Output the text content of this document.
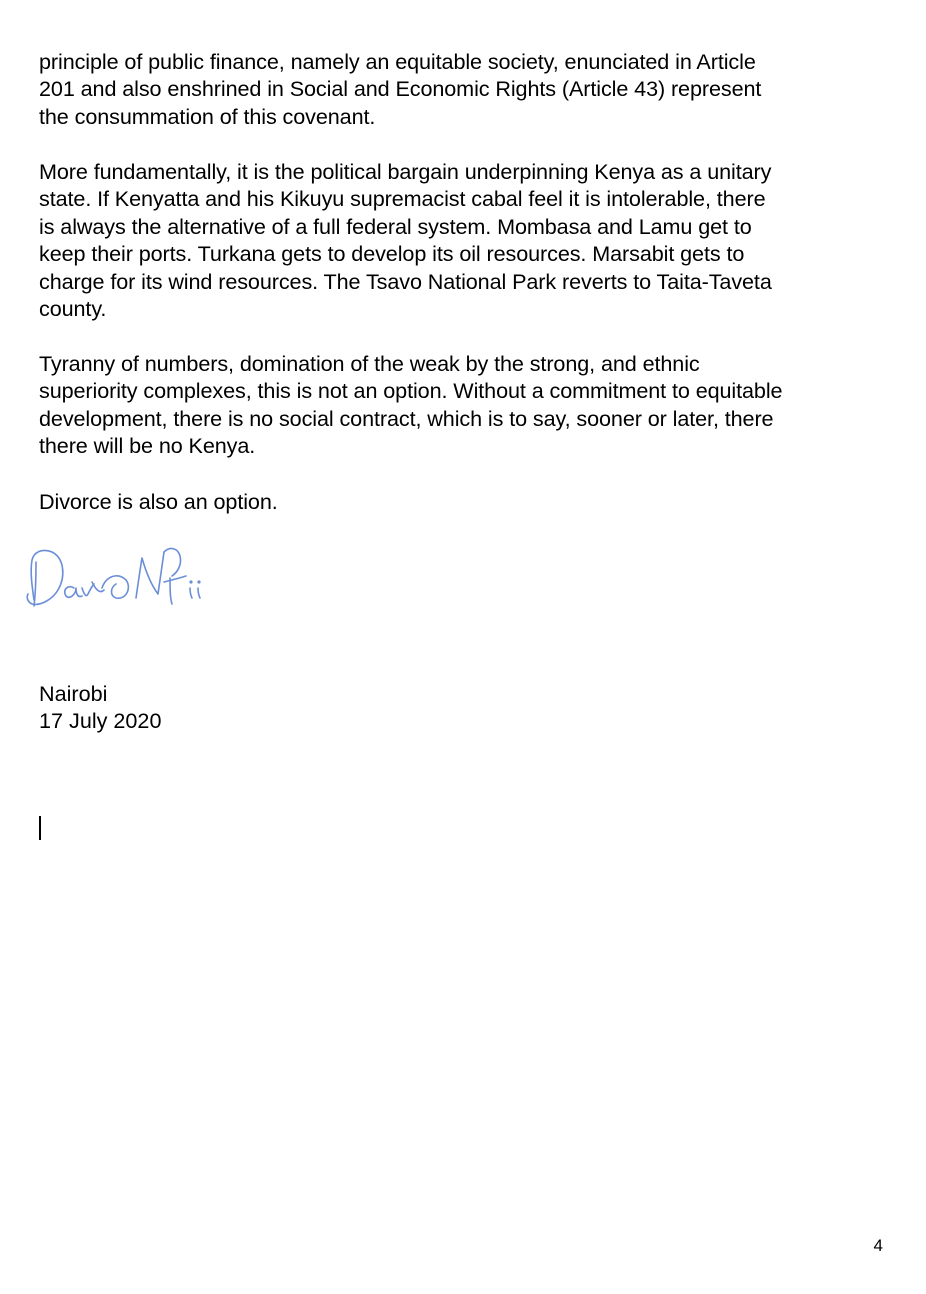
principle of public finance, namely an equitable society, enunciated in Article
201 and also enshrined in Social and Economic Rights (Article 43) represent
the consummation of this covenant.

More fundamentally, it is the political bargain underpinning Kenya as a unitary
state. If Kenyatta and his Kikuyu supremacist cabal feel it is intolerable, there
is always the alternative of a full federal system. Mombasa and Lamu get to
keep their ports. Turkana gets to develop its oil resources. Marsabit gets to
charge for its wind resources. The Tsavo National Park reverts to Taita-Taveta
county.

Tyranny of numbers, domination of the weak by the strong, and ethnic
superiority complexes, this is not an option. Without a commitment to equitable
development, there is no social contract, which is to say, sooner or later, there
there will be no Kenya.

Divorce is also an option.

Nairobi
17 July 2020
4
